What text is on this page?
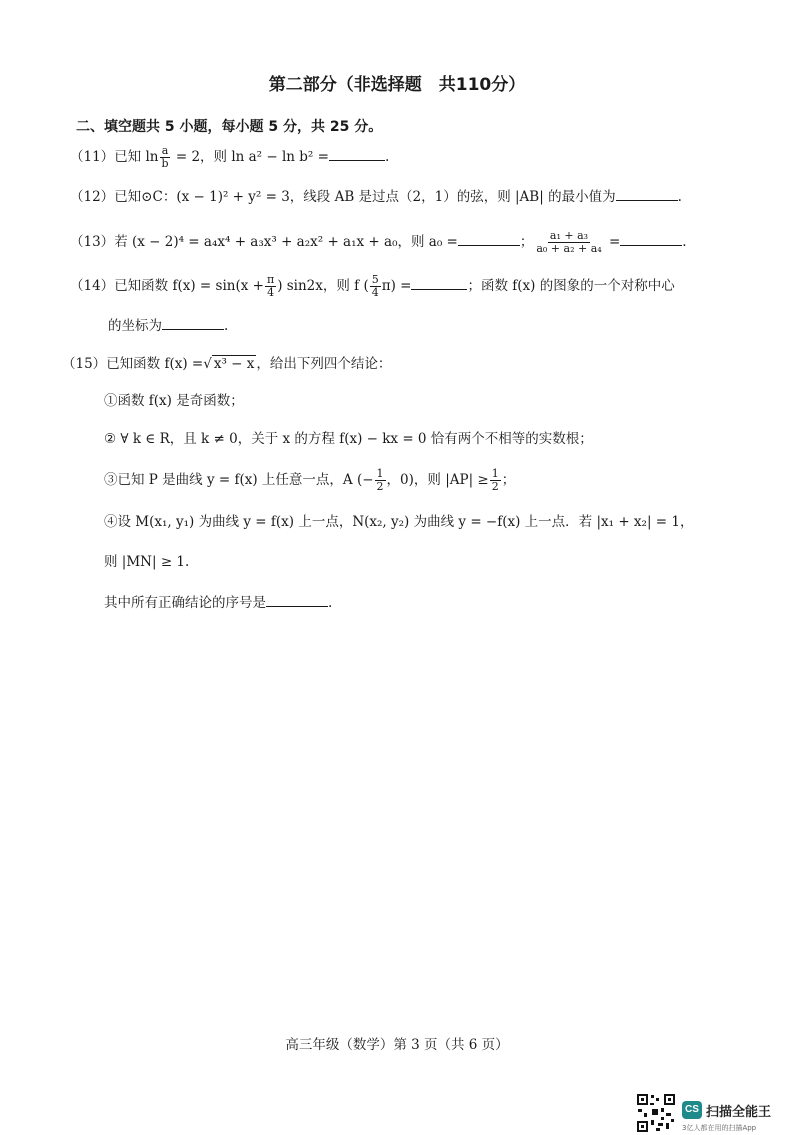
第二部分（非选择题　共110分）
二、填空题共 5 小题，每小题 5 分，共 25 分。
（11）已知 $\ln \frac{a}{b} = 2$，则 ln a² − ln b² =	.
（12）已知⊙C：(x − 1)² + y² = 3，线段 AB 是过点（2，1）的弦，则 |AB| 的最小值为	.
（13）若 (x − 2)⁴ = a₄x⁴ + a₃x³ + a₂x² + a₁x + a₀，则 a₀ =	； $\frac{\text{a₁ + a₃}}{\text{a₀ + a₂ + a₄}}$ =	.
（14）已知函数 $f(x) = \sin(x + \frac{\pi}{4}$ ) sin2x，则 f ( $\frac{5}{4} \pi$) =	；函数 f(x) 的图象的一个对称中心
的坐标为	.
（15）已知函数 f(x) =√ x³ − x ，给出下列四个结论：
①函数 f(x) 是奇函数；
② ∀ k ∈ R，且 k ≠ 0，关于 x 的方程 f(x) − kx = 0 恰有两个不相等的实数根；
③已知 P 是曲线 y = f(x) 上任意一点，A (− $\frac{1}{2}$ ，0)，则 $|AP| \ge \frac{1}{2}$ ；
④设 M(x₁, y₁) 为曲线 y = f(x) 上一点，N(x₂, y₂) 为曲线 y = −f(x) 上一点．若 |x₁ + x₂| = 1，
则 |MN| ≥ 1.
其中所有正确结论的序号是	.
高三年级（数学）第 3 页（共 6 页）
CS 扫描全能王
3亿人都在用的扫描App
